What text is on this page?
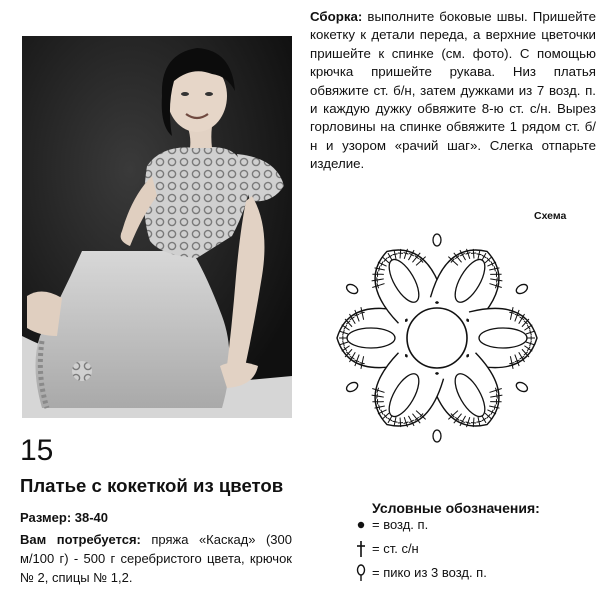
Сборка: выполните боковые швы. Пришейте кокетку к детали переда, а верхние цветочки пришейте к спинке (см. фото). С помощью крючка пришейте рукава. Низ платья обвяжите ст. б/н, затем дужками из 7 возд. п. и каждую дужку обвяжите 8-ю ст. с/н. Вырез горловины на спинке обвяжите 1 рядом ст. б/н и узором «рачий шаг». Слегка отпарьте изделие.
Схема
15
Платье с кокеткой из цветов
Размер: 38-40
Вам потребуется: пряжа «Каскад» (300 м/100 г) - 500 г серебристого цвета, крючок № 2, спицы № 1,2.
Условные обозначения:
= возд. п.
= ст. с/н
= пико из 3 возд. п.
